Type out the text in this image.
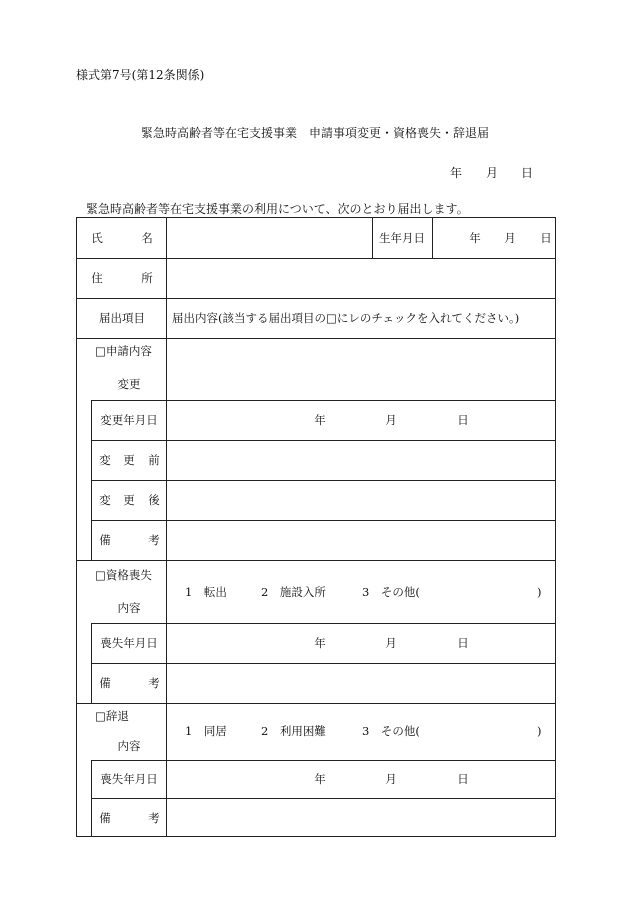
様式第7号(第12条関係)
緊急時高齢者等在宅支援事業　申請事項変更・資格喪失・辞退届
年 月 日
緊急時高齢者等在宅支援事業の利用について、次のとおり届出します。
氏	名	生年月日	年 月 日
住	所
届出項目 届出内容(該当する届出項目の□にレのチェックを入れてください。)
□申請内容
変更
変更年月日	年	月	日
変 更 前
変 更 後
備	考
□資格喪失
内容
1　転出	2　施設入所	3　その他(	)
喪失年月日	年	月	日
備	考
□辞退
内容
1　同居	2　利用困難	3　その他(	)
喪失年月日	年	月	日
備	考
